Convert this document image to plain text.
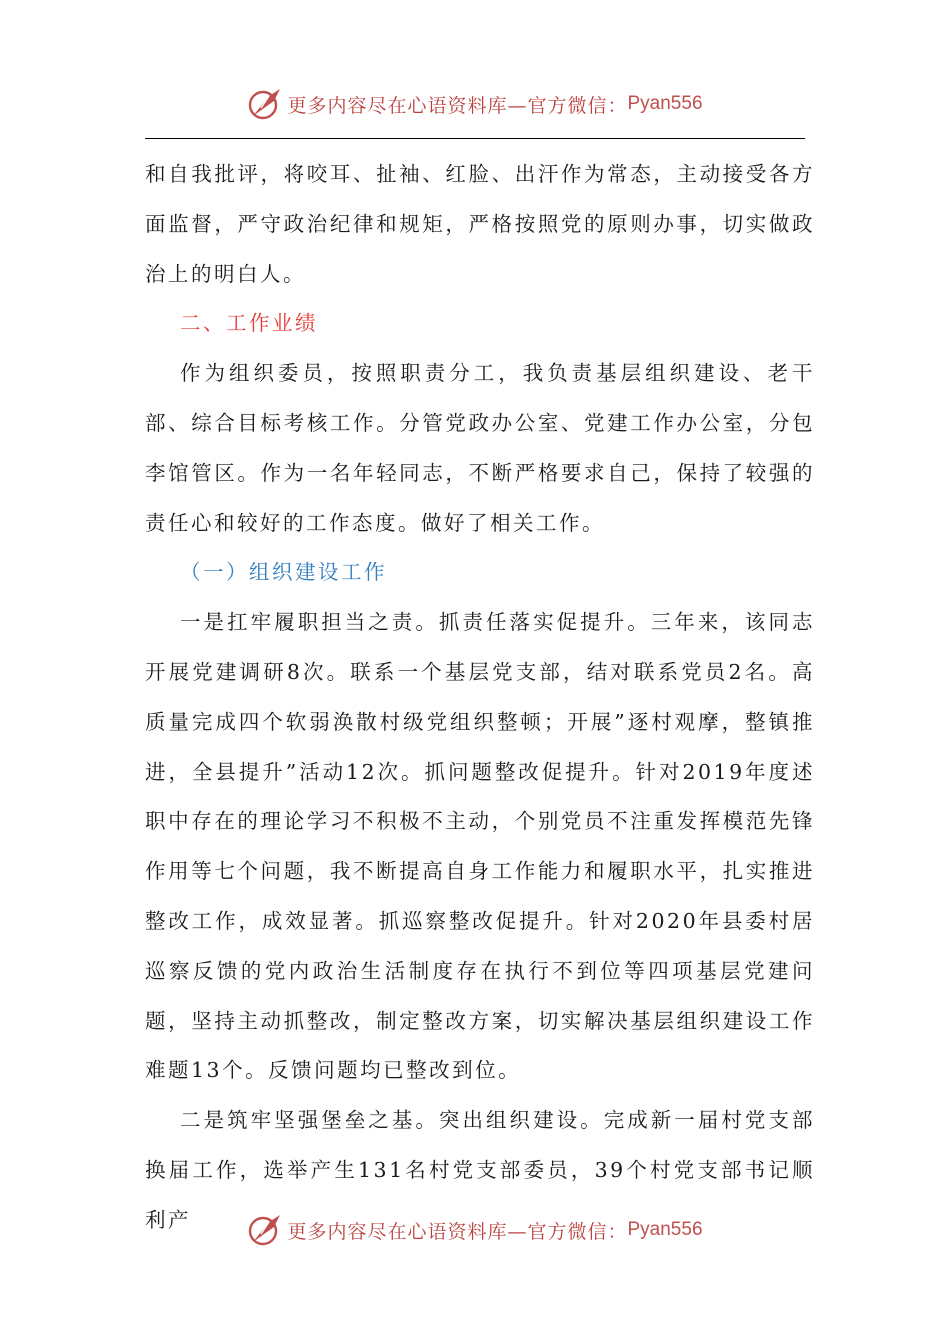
更多内容尽在心语资料库—官方微信： Pyan556

和自我批评，将咬耳、扯袖、红脸、出汗作为常态，主动接受各方面监督，严守政治纪律和规矩，严格按照党的原则办事，切实做政治上的明白人。

二、工作业绩

作为组织委员，按照职责分工，我负责基层组织建设、老干部、综合目标考核工作。分管党政办公室、党建工作办公室，分包李馆管区。作为一名年轻同志，不断严格要求自己，保持了较强的责任心和较好的工作态度。做好了相关工作。

（一）组织建设工作

一是扛牢履职担当之责。抓责任落实促提升。三年来，该同志开展党建调研8次。联系一个基层党支部，结对联系党员2名。高质量完成四个软弱涣散村级党组织整顿；开展”逐村观摩，整镇推进，全县提升”活动12次。抓问题整改促提升。针对2019年度述职中存在的理论学习不积极不主动，个别党员不注重发挥模范先锋作用等七个问题，我不断提高自身工作能力和履职水平，扎实推进整改工作，成效显著。抓巡察整改促提升。针对2020年县委村居巡察反馈的党内政治生活制度存在执行不到位等四项基层党建问题，坚持主动抓整改，制定整改方案，切实解决基层组织建设工作难题13个。反馈问题均已整改到位。

二是筑牢坚强堡垒之基。突出组织建设。完成新一届村党支部换届工作，选举产生131名村党支部委员，39个村党支部书记顺利产	更多内容尽在心语资料库—官方微信： Pyan556
